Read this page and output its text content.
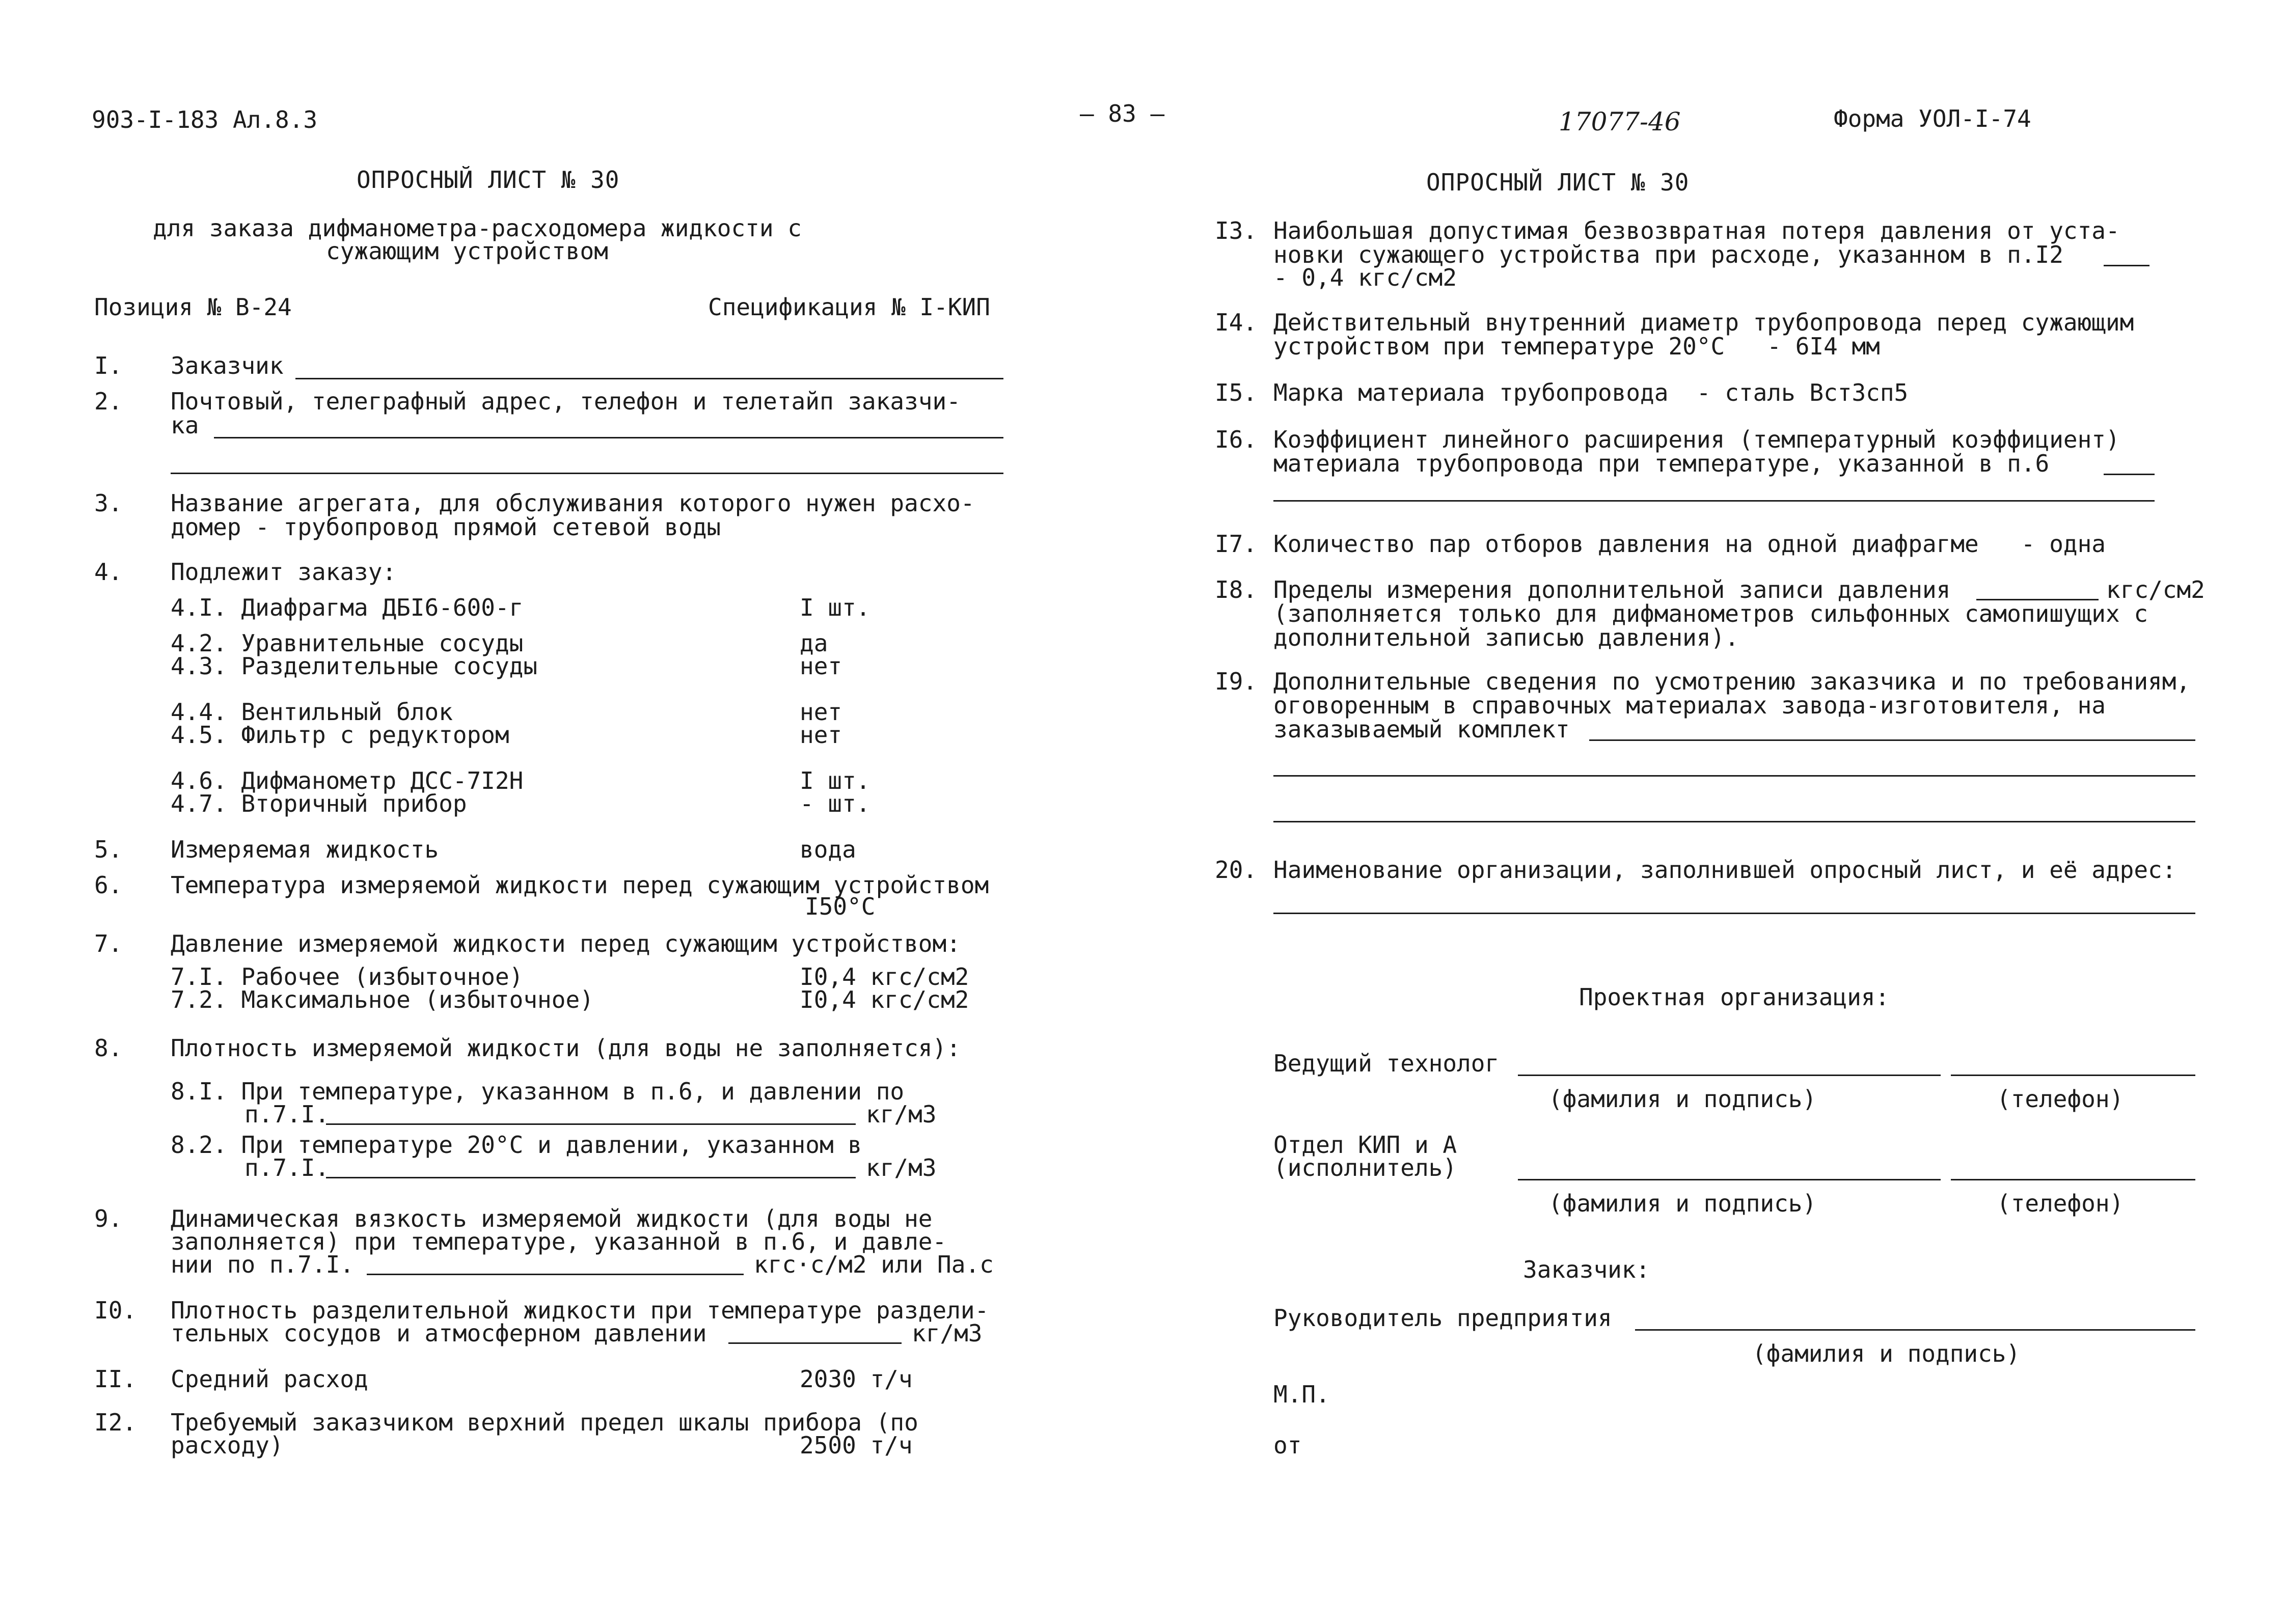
903-I-183 Ал.8.3	— 83 —	17077-46	Форма УОЛ-I-74
ОПРОСНЫЙ ЛИСТ № 30
для заказа дифманометра-расходомера жидкости с
сужающим устройством
Позиция № В-24	Спецификация № I-КИП
I. Заказчик
2. Почтовый, телеграфный адрес, телефон и телетайп заказчи-
ка
3. Название агрегата, для обслуживания которого нужен расхо-
домер - трубопровод прямой сетевой воды
4. Подлежит заказу:
4.I. Диафрагма ДБI6-600-г	I шт.
4.2. Уравнительные сосуды	да
4.3. Разделительные сосуды	нет
4.4. Вентильный блок	нет
4.5. Фильтр с редуктором	нет
4.6. Дифманометр ДСС-7I2Н	I шт.
4.7. Вторичный прибор	- шт.
5. Измеряемая жидкость	вода
6. Температура измеряемой жидкости перед сужающим устройством
I50°С
7. Давление измеряемой жидкости перед сужающим устройством:
7.I. Рабочее (избыточное)	I0,4 кгс/см2
7.2. Максимальное (избыточное)	I0,4 кгс/см2
8. Плотность измеряемой жидкости (для воды не заполняется):
8.I. При температуре, указанном в п.6, и давлении по
п.7.I.	кг/м3
8.2. При температуре 20°С и давлении, указанном в
п.7.I.	кг/м3
9. Динамическая вязкость измеряемой жидкости (для воды не
заполняется) при температуре, указанной в п.6, и давле-
нии по п.7.I.	кгс·с/м2 или Па.с
I0. Плотность разделительной жидкости при температуре раздели-
тельных сосудов и атмосферном давлении	кг/м3
II. Средний расход	2030 т/ч
I2. Требуемый заказчиком верхний предел шкалы прибора (по
расходу)	2500 т/ч
ОПРОСНЫЙ ЛИСТ № 30
I3. Наибольшая допустимая безвозвратная потеря давления от уста-
новки сужающего устройства при расходе, указанном в п.I2
- 0,4 кгс/см2
I4. Действительный внутренний диаметр трубопровода перед сужающим
устройством при температуре 20°С   - 6I4 мм
I5. Марка материала трубопровода  - сталь ВстЗсп5
I6. Коэффициент линейного расширения (температурный коэффициент)
материала трубопровода при температуре, указанной в п.6
I7. Количество пар отборов давления на одной диафрагме   - одна
I8. Пределы измерения дополнительной записи давления	кгс/см2
(заполняется только для дифманометров сильфонных самопишущих с
дополнительной записью давления).
I9. Дополнительные сведения по усмотрению заказчика и по требованиям,
оговоренным в справочных материалах завода-изготовителя, на
заказываемый комплект
20. Наименование организации, заполнившей опросный лист, и её адрес:
Проектная организация:
Ведущий технолог
(фамилия и подпись)	(телефон)
Отдел КИП и А
(исполнитель)
(фамилия и подпись)	(телефон)
Заказчик:
Руководитель предприятия
(фамилия и подпись)
М.П.
от
